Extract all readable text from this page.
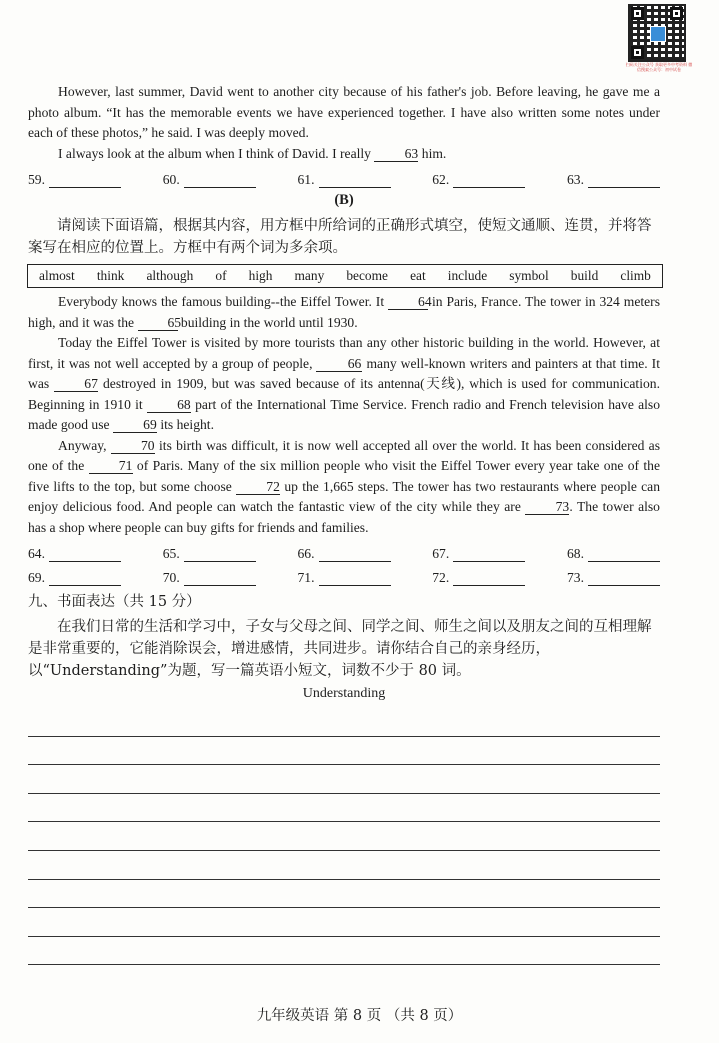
扫码关注公众号 获取更多中考资料 微信搜索公众号：初中试卷

However, last summer, David went to another city because of his father's job. Before leaving, he gave me a photo album. “It has the memorable events we have experienced together. I have also written some notes under each of these photos,” he said. I was deeply moved.

I always look at the album when I think of David. I really 63 him.

59.	60.	61.	62.	63.
(B)

请阅读下面语篇，根据其内容，用方框中所给词的正确形式填空，使短文通顺、连贯，并将答案写在相应的位置上。方框中有两个词为多余项。

almost think although of high many become eat include symbol build climb

Everybody knows the famous building--the Eiffel Tower. It 64 in Paris, France. The tower in 324 meters high, and it was the 65 building in the world until 1930.

Today the Eiffel Tower is visited by more tourists than any other historic building in the world. However, at first, it was not well accepted by a group of people,	66 many well-known writers and painters at that time. It was	67 destroyed in 1909, but was saved because of its antenna(天线), which is used for communication. Beginning in 1910 it	68 part of the International Time Service. French radio and French television have also made good use 69 its height.

Anyway,	70 its birth was difficult, it is now well accepted all over the world. It has been considered as one of the	71 of Paris. Many of the six million people who visit the Eiffel Tower every year take one of the five lifts to the top, but some choose	72 up the 1,665 steps. The tower has two restaurants where people can enjoy delicious food. And people can watch the fantastic view of the city while they are	73. The tower also has a shop where people can buy gifts for friends and families.

64.	65.	66.	67.	68.
69.	70.	71.	72.	73.
九、书面表达（共 15 分）

在我们日常的生活和学习中，子女与父母之间、同学之间、师生之间以及朋友之间的互相理解是非常重要的，它能消除误会，增进感情，共同进步。请你结合自己的亲身经历，以“Understanding”为题，写一篇英语小短文，词数不少于 80 词。

Understanding
九年级英语 第 8 页 （共 8 页）
